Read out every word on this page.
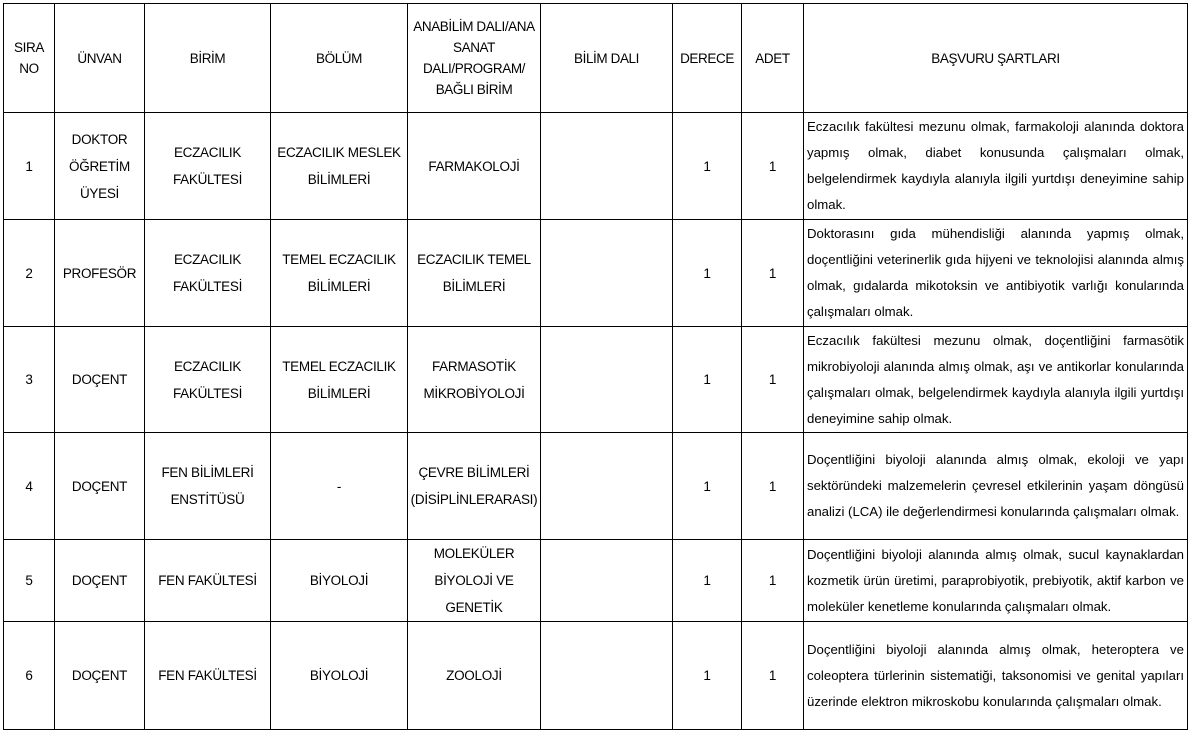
SIRA NO	ÜNVAN	BİRİM	BÖLÜM	ANABİLİM DALI/ANA SANAT DALI/PROGRAM/ BAĞLI BİRİM	BİLİM DALI	DERECE	ADET	BAŞVURU ŞARTLARI
1	DOKTOR ÖĞRETİM ÜYESİ	ECZACILIK FAKÜLTESİ	ECZACILIK MESLEK BİLİMLERİ	FARMAKOLOJİ		1	1	Eczacılık fakültesi mezunu olmak, farmakoloji alanında doktora yapmış olmak, diabet konusunda çalışmaları olmak, belgelendirmek kaydıyla alanıyla ilgili yurtdışı deneyimine sahip olmak.
2	PROFESÖR	ECZACILIK FAKÜLTESİ	TEMEL ECZACILIK BİLİMLERİ	ECZACILIK TEMEL BİLİMLERİ		1	1	Doktorasını gıda mühendisliği alanında yapmış olmak, doçentliğini veterinerlik gıda hijyeni ve teknolojisi alanında almış olmak, gıdalarda mikotoksin ve antibiyotik varlığı konularında çalışmaları olmak.
3	DOÇENT	ECZACILIK FAKÜLTESİ	TEMEL ECZACILIK BİLİMLERİ	FARMASOTİK MİKROBİYOLOJİ		1	1	Eczacılık fakültesi mezunu olmak, doçentliğini farmasötik mikrobiyoloji alanında almış olmak, aşı ve antikorlar konularında çalışmaları olmak, belgelendirmek kaydıyla alanıyla ilgili yurtdışı deneyimine sahip olmak.
4	DOÇENT	FEN BİLİMLERİ ENSTİTÜSÜ	-	ÇEVRE BİLİMLERİ (DİSİPLİNLERARASI)		1	1	Doçentliğini biyoloji alanında almış olmak, ekoloji ve yapı sektöründeki malzemelerin çevresel etkilerinin yaşam döngüsü analizi (LCA) ile değerlendirmesi konularında çalışmaları olmak.
5	DOÇENT	FEN FAKÜLTESİ	BİYOLOJİ	MOLEKÜLER BİYOLOJİ VE GENETİK		1	1	Doçentliğini biyoloji alanında almış olmak, sucul kaynaklardan kozmetik ürün üretimi, paraprobiyotik, prebiyotik, aktif karbon ve moleküler kenetleme konularında çalışmaları olmak.
6	DOÇENT	FEN FAKÜLTESİ	BİYOLOJİ	ZOOLOJİ		1	1	Doçentliğini biyoloji alanında almış olmak, heteroptera ve coleoptera türlerinin sistematiği, taksonomisi ve genital yapıları üzerinde elektron mikroskobu konularında çalışmaları olmak.
